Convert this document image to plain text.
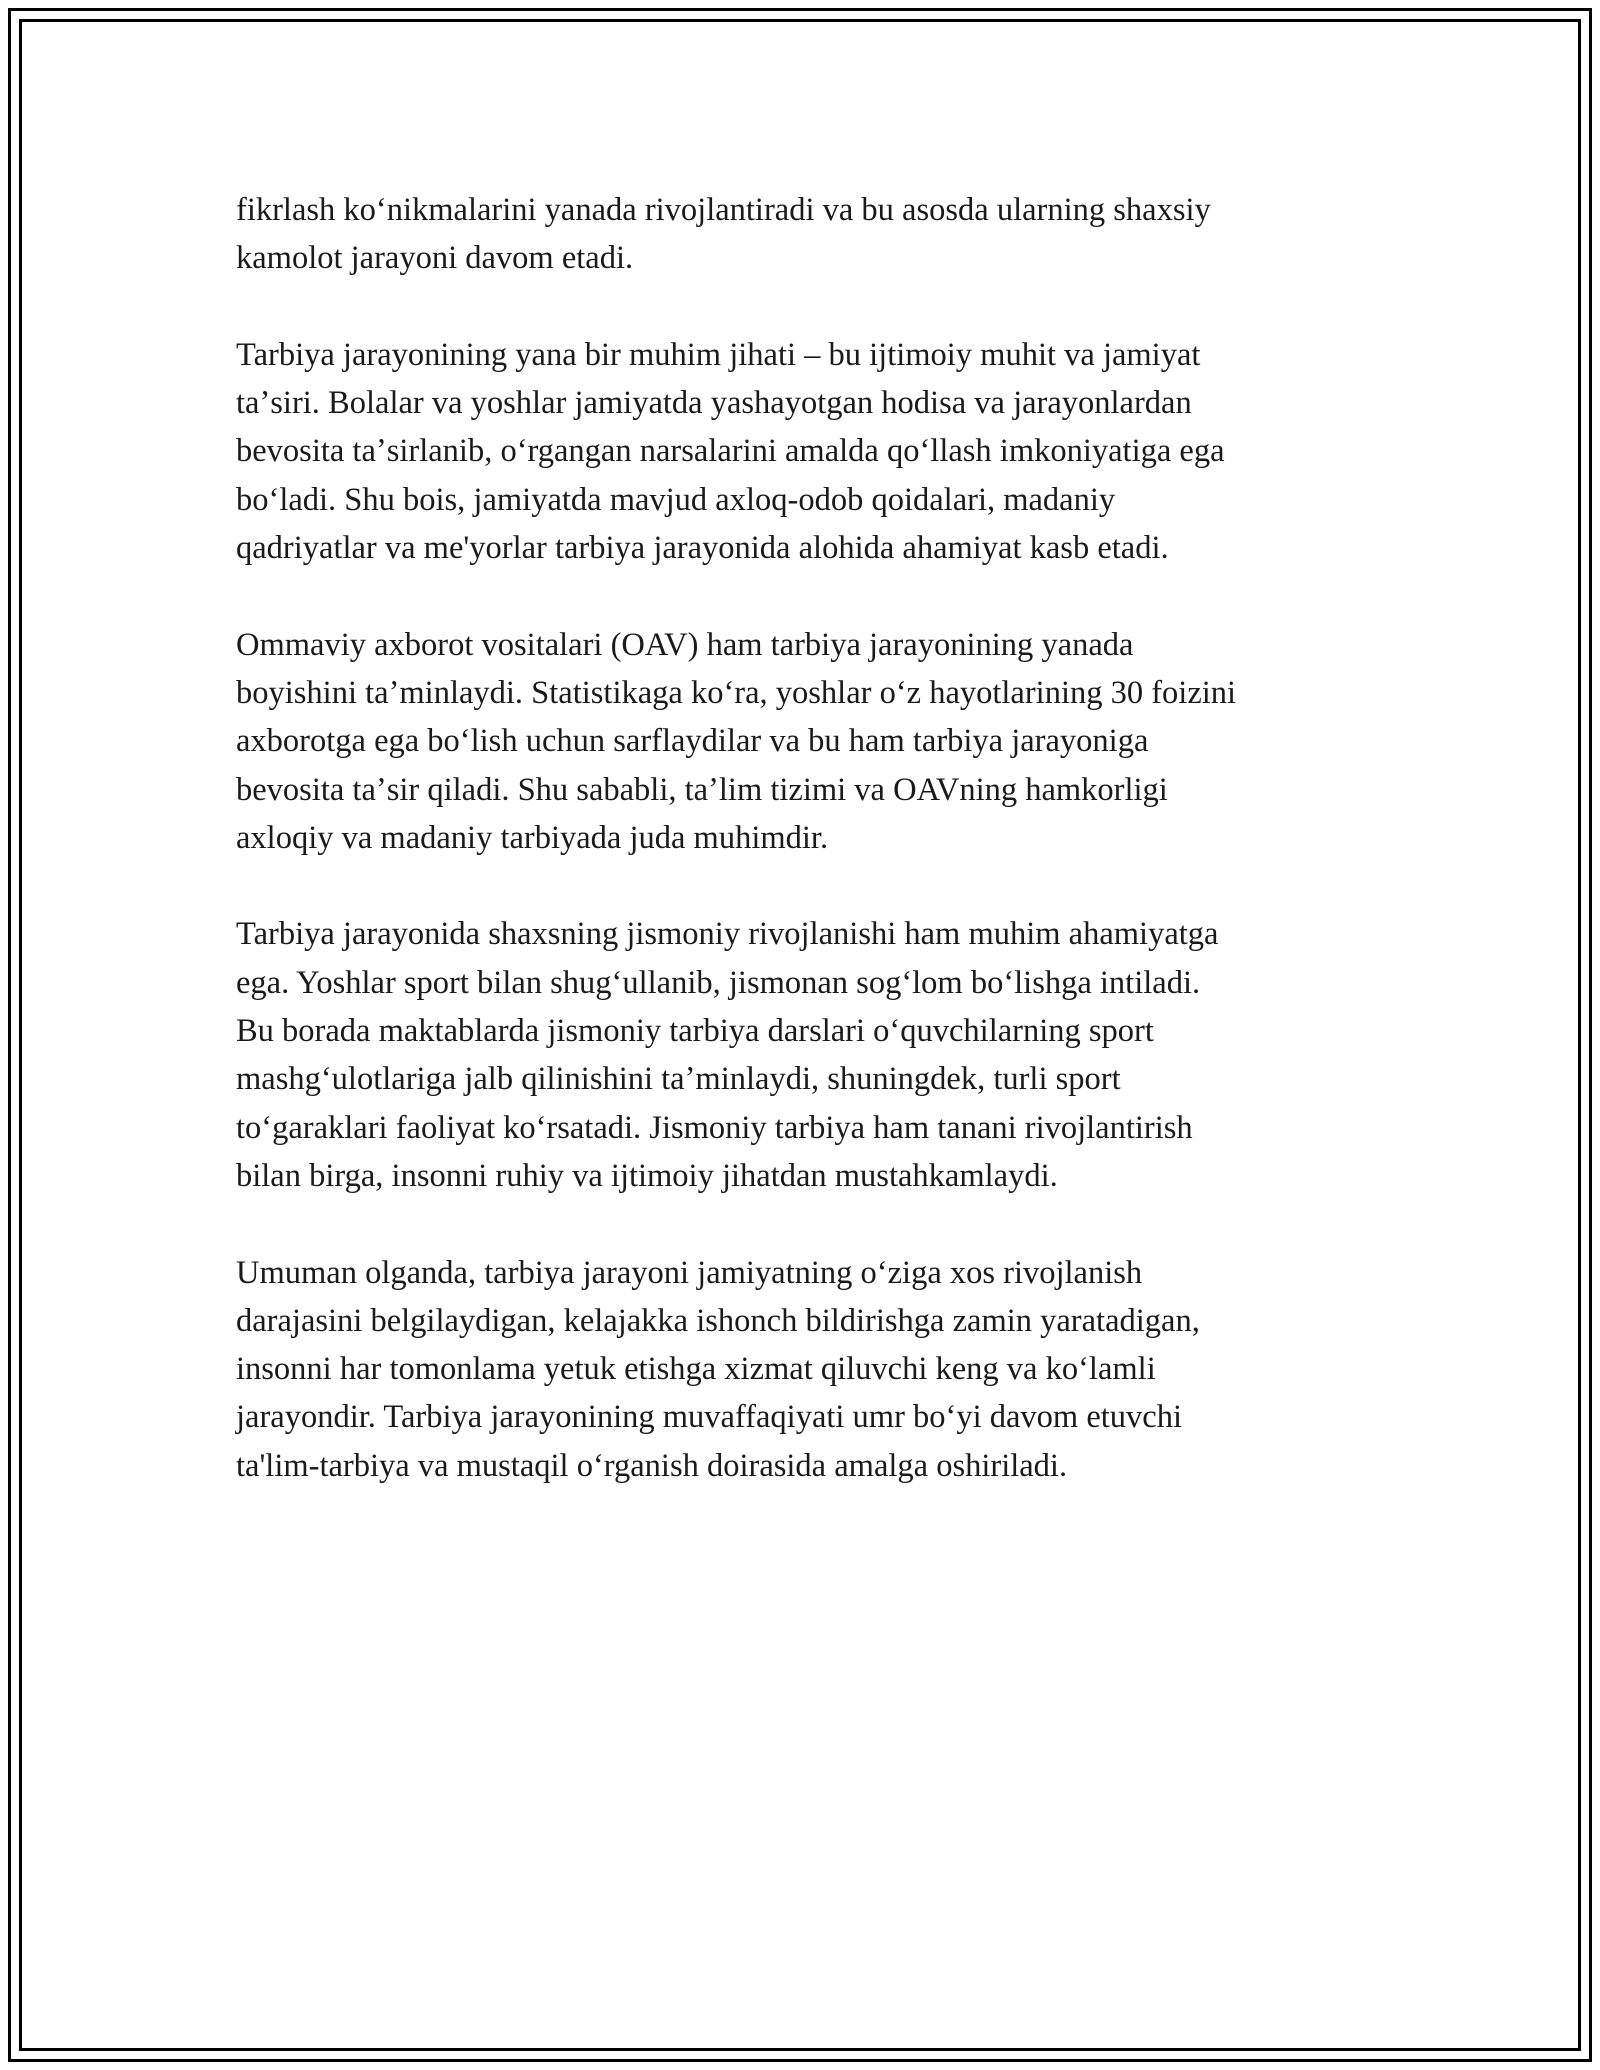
fikrlash koʻnikmalarini yanada rivojlantiradi va bu asosda ularning shaxsiy
kamolot jarayoni davom etadi.

Tarbiya jarayonining yana bir muhim jihati – bu ijtimoiy muhit va jamiyat
taʼsiri. Bolalar va yoshlar jamiyatda yashayotgan hodisa va jarayonlardan
bevosita taʼsirlanib, oʻrgangan narsalarini amalda qoʻllash imkoniyatiga ega
boʻladi. Shu bois, jamiyatda mavjud axloq-odob qoidalari, madaniy
qadriyatlar va me'yorlar tarbiya jarayonida alohida ahamiyat kasb etadi.

Ommaviy axborot vositalari (OAV) ham tarbiya jarayonining yanada
boyishini taʼminlaydi. Statistikaga koʻra, yoshlar oʻz hayotlarining 30 foizini
axborotga ega boʻlish uchun sarflaydilar va bu ham tarbiya jarayoniga
bevosita taʼsir qiladi. Shu sababli, taʼlim tizimi va OAVning hamkorligi
axloqiy va madaniy tarbiyada juda muhimdir.

Tarbiya jarayonida shaxsning jismoniy rivojlanishi ham muhim ahamiyatga
ega. Yoshlar sport bilan shugʻullanib, jismonan sogʻlom boʻlishga intiladi.
Bu borada maktablarda jismoniy tarbiya darslari oʻquvchilarning sport
mashgʻulotlariga jalb qilinishini taʼminlaydi, shuningdek, turli sport
toʻgaraklari faoliyat koʻrsatadi. Jismoniy tarbiya ham tanani rivojlantirish
bilan birga, insonni ruhiy va ijtimoiy jihatdan mustahkamlaydi.

Umuman olganda, tarbiya jarayoni jamiyatning oʻziga xos rivojlanish
darajasini belgilaydigan, kelajakka ishonch bildirishga zamin yaratadigan,
insonni har tomonlama yetuk etishga xizmat qiluvchi keng va koʻlamli
jarayondir. Tarbiya jarayonining muvaffaqiyati umr boʻyi davom etuvchi
ta'lim-tarbiya va mustaqil oʻrganish doirasida amalga oshiriladi.
